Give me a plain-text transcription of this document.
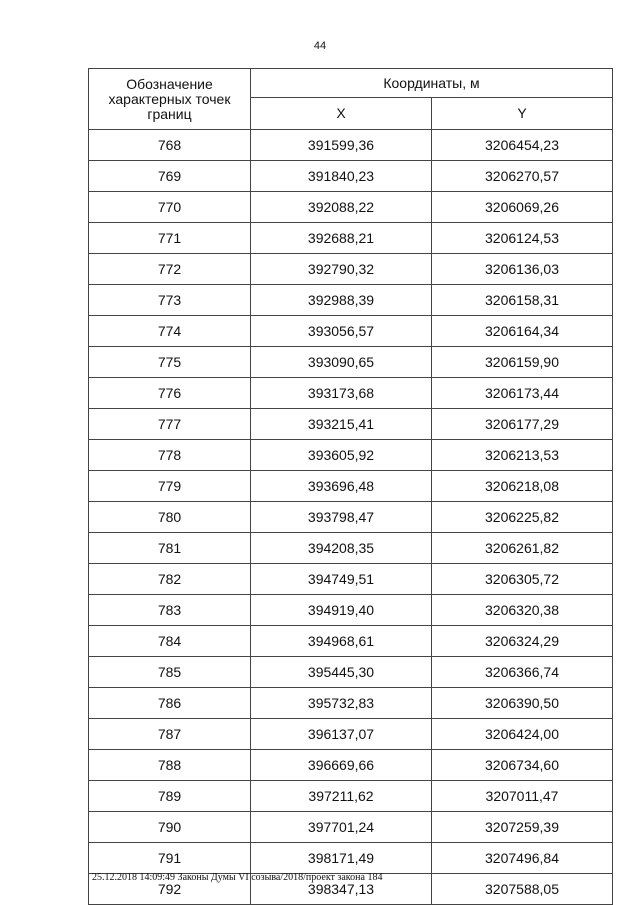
44
Обозначение характерных точек границ	Координаты, м	
	X	Y
768	391599,36	3206454,23
769	391840,23	3206270,57
770	392088,22	3206069,26
771	392688,21	3206124,53
772	392790,32	3206136,03
773	392988,39	3206158,31
774	393056,57	3206164,34
775	393090,65	3206159,90
776	393173,68	3206173,44
777	393215,41	3206177,29
778	393605,92	3206213,53
779	393696,48	3206218,08
780	393798,47	3206225,82
781	394208,35	3206261,82
782	394749,51	3206305,72
783	394919,40	3206320,38
784	394968,61	3206324,29
785	395445,30	3206366,74
786	395732,83	3206390,50
787	396137,07	3206424,00
788	396669,66	3206734,60
789	397211,62	3207011,47
790	397701,24	3207259,39
791	398171,49	3207496,84
792	398347,13	3207588,05
25.12.2018 14:09:49 Законы Думы VI созыва/2018/проект закона 184
